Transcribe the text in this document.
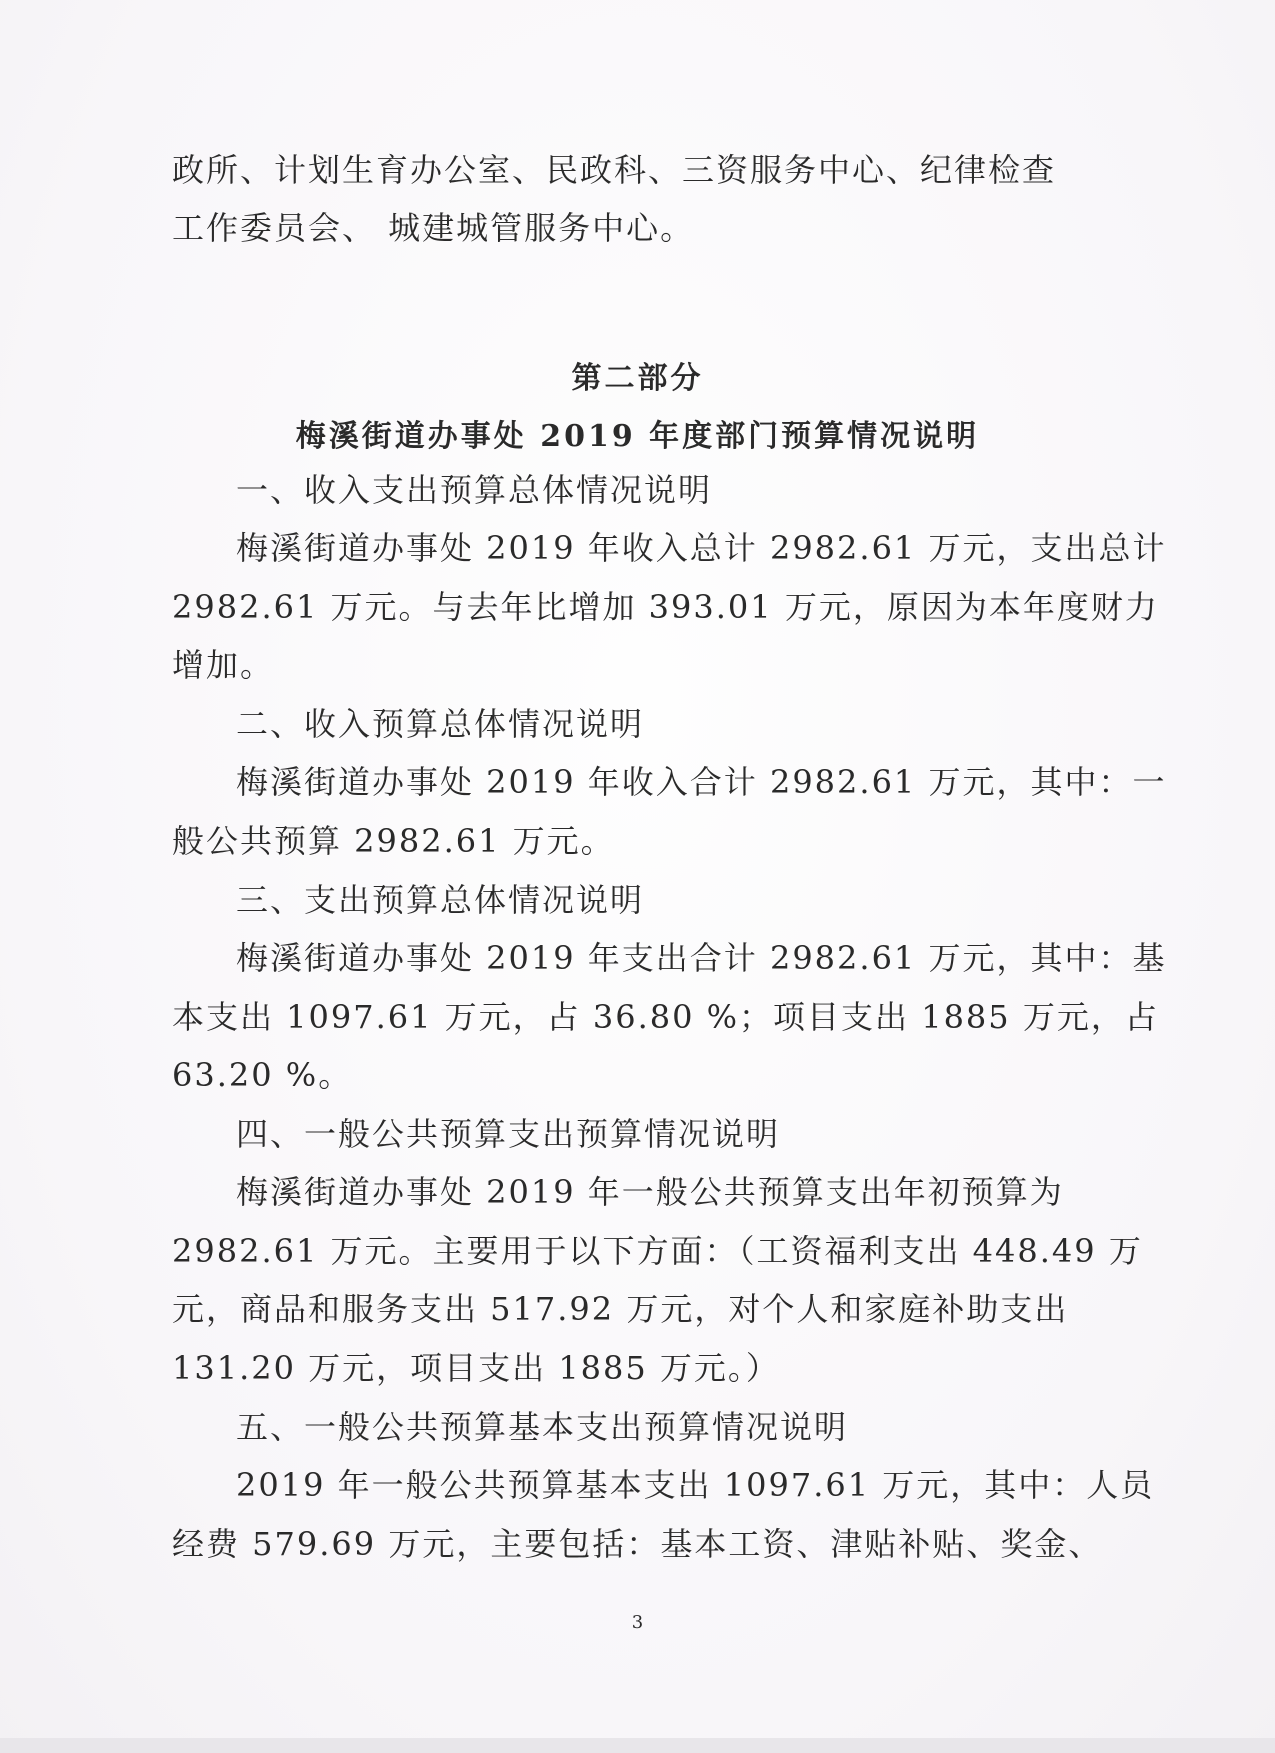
政所、计划生育办公室、民政科、三资服务中心、纪律检查
工作委员会、 城建城管服务中心。
第二部分
梅溪街道办事处 2019 年度部门预算情况说明
一、收入支出预算总体情况说明
梅溪街道办事处 2019 年收入总计 2982.61 万元，支出总计
2982.61 万元。与去年比增加 393.01 万元，原因为本年度财力
增加。
二、收入预算总体情况说明
梅溪街道办事处 2019 年收入合计 2982.61 万元，其中：一
般公共预算 2982.61 万元。
三、支出预算总体情况说明
梅溪街道办事处 2019 年支出合计 2982.61 万元，其中：基
本支出 1097.61 万元，占 36.80 %；项目支出 1885 万元，占
63.20 %。
四、一般公共预算支出预算情况说明
梅溪街道办事处 2019 年一般公共预算支出年初预算为
2982.61 万元。主要用于以下方面：（工资福利支出 448.49 万
元，商品和服务支出 517.92 万元，对个人和家庭补助支出
131.20 万元，项目支出 1885 万元。）
五、一般公共预算基本支出预算情况说明
2019 年一般公共预算基本支出 1097.61 万元，其中：人员
经费 579.69 万元，主要包括：基本工资、津贴补贴、奖金、
3
